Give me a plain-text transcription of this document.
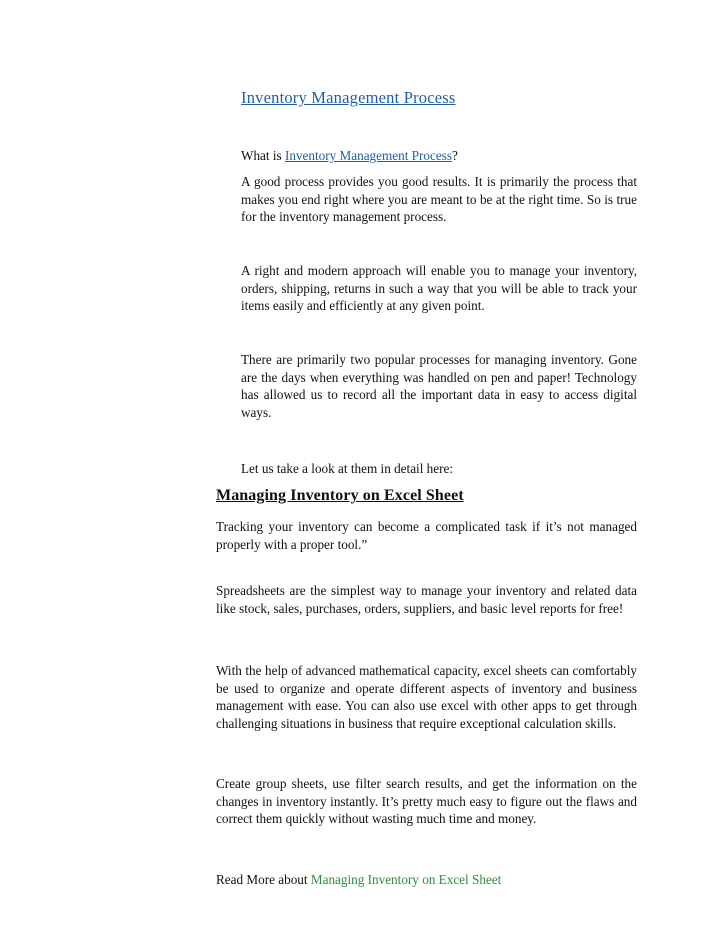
Inventory Management Process

What is Inventory Management Process?

A good process provides you good results. It is primarily the process that makes you end right where you are meant to be at the right time. So is true for the inventory management process.

A right and modern approach will enable you to manage your inventory, orders, shipping, returns in such a way that you will be able to track your items easily and efficiently at any given point.

There are primarily two popular processes for managing inventory. Gone are the days when everything was handled on pen and paper! Technology has allowed us to record all the important data in easy to access digital ways.

Let us take a look at them in detail here:

Managing Inventory on Excel Sheet

Tracking your inventory can become a complicated task if it’s not managed properly with a proper tool.”

Spreadsheets are the simplest way to manage your inventory and related data like stock, sales, purchases, orders, suppliers, and basic level reports for free!

With the help of advanced mathematical capacity, excel sheets can comfortably be used to organize and operate different aspects of inventory and business management with ease. You can also use excel with other apps to get through challenging situations in business that require exceptional calculation skills.

Create group sheets, use filter search results, and get the information on the changes in inventory instantly. It’s pretty much easy to figure out the flaws and correct them quickly without wasting much time and money.

Read More about Managing Inventory on Excel Sheet
